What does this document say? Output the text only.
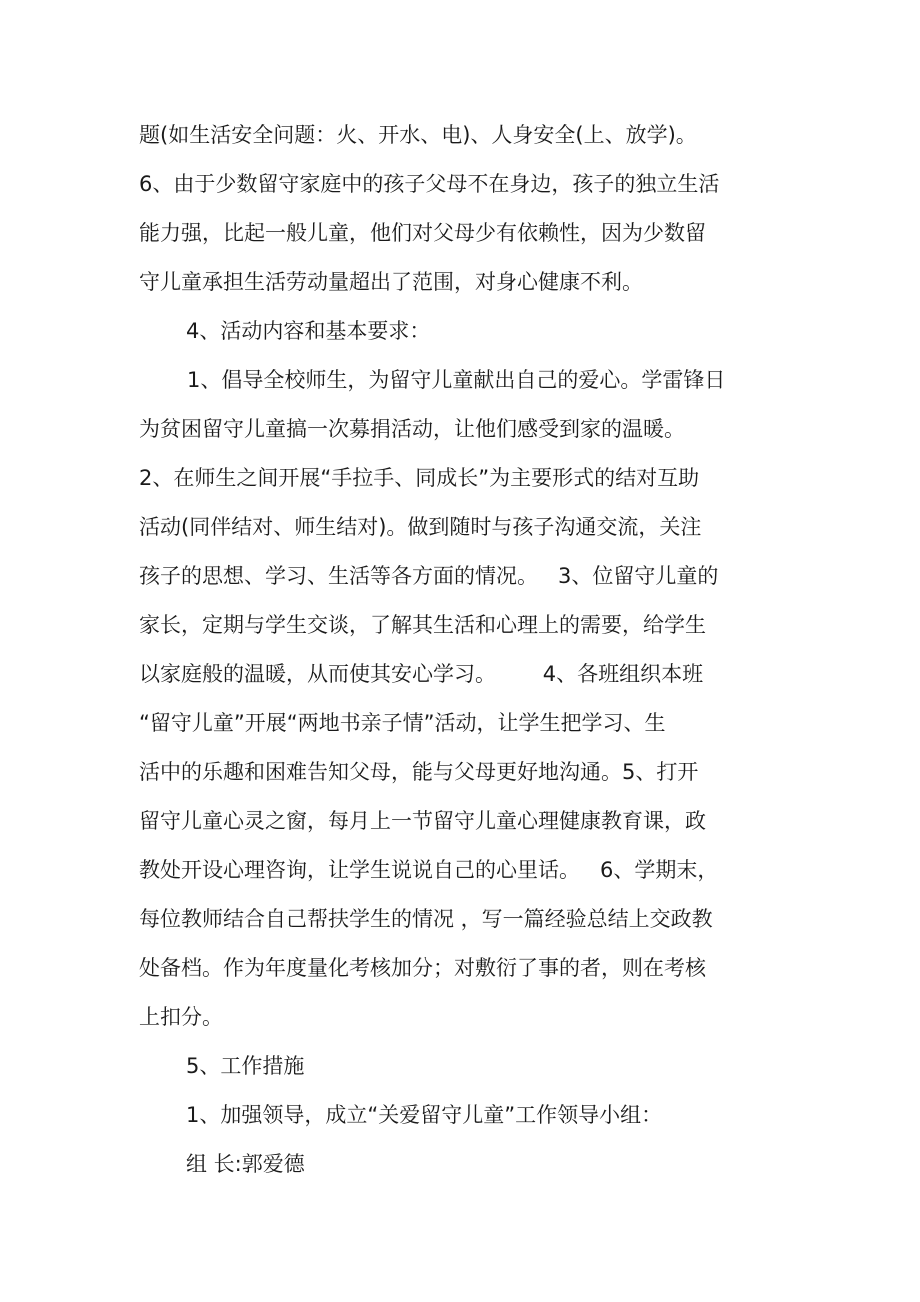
题(如生活安全问题：火、开水、电)、人身安全(上、放学)。
6、由于少数留守家庭中的孩子父母不在身边，孩子的独立生活
能力强，比起一般儿童，他们对父母少有依赖性，因为少数留
守儿童承担生活劳动量超出了范围，对身心健康不利。
4、活动内容和基本要求：
1、倡导全校师生，为留守儿童献出自己的爱心。学雷锋日
为贫困留守儿童搞一次募捐活动，让他们感受到家的温暖。
2、在师生之间开展“手拉手、同成长”为主要形式的结对互助
活动(同伴结对、师生结对)。做到随时与孩子沟通交流，关注
孩子的思想、学习、生活等各方面的情况。   3、位留守儿童的
家长，定期与学生交谈，了解其生活和心理上的需要，给学生
以家庭般的温暖，从而使其安心学习。       4、各班组织本班
“留守儿童”开展“两地书亲子情”活动，让学生把学习、生
活中的乐趣和困难告知父母，能与父母更好地沟通。5、打开
留守儿童心灵之窗，每月上一节留守儿童心理健康教育课，政
教处开设心理咨询，让学生说说自己的心里话。   6、学期末，
每位教师结合自己帮扶学生的情况 ，写一篇经验总结上交政教
处备档。作为年度量化考核加分；对敷衍了事的者，则在考核
上扣分。
5、工作措施
1、加强领导，成立“关爱留守儿童”工作领导小组：
组 长:郭爱德
